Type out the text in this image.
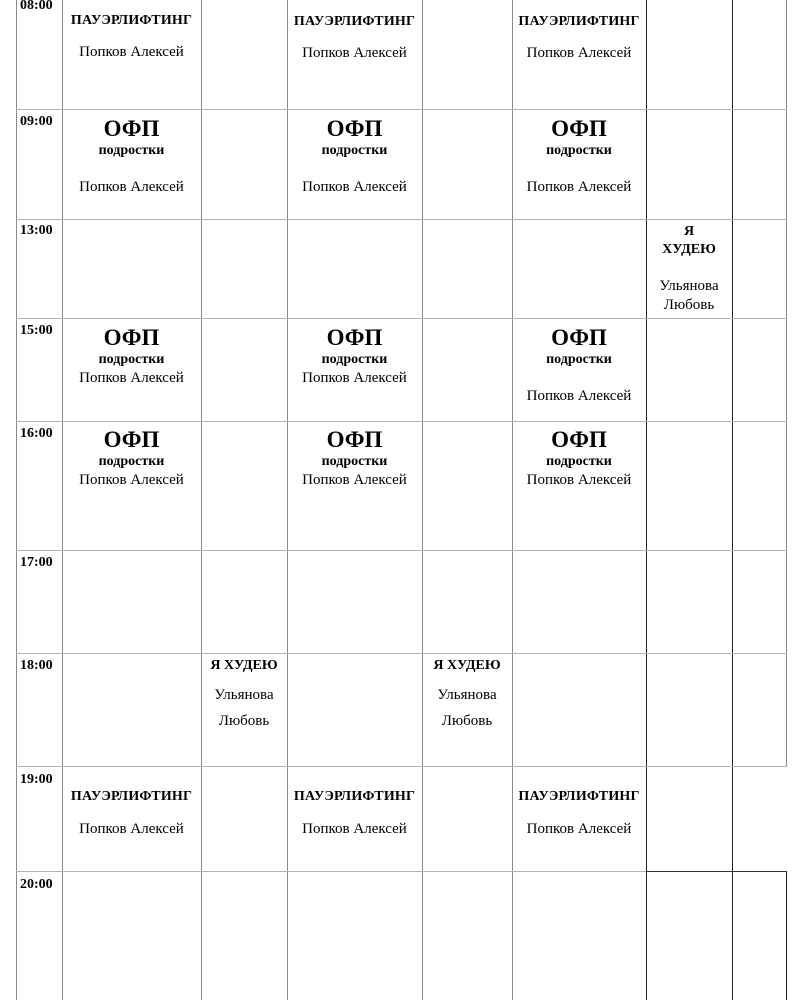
08:00
09:00
13:00
15:00
16:00
17:00
18:00
19:00
20:00
ПАУЭРЛИФТИНГ
Попков Алексей
ПАУЭРЛИФТИНГ
Попков Алексей
ПАУЭРЛИФТИНГ
Попков Алексей
ОФП
подростки
Попков Алексей
ОФП
подростки
Попков Алексей
ОФП
подростки
Попков Алексей
Я
ХУДЕЮ
Ульянова
Любовь
ОФП
подростки
Попков Алексей
ОФП
подростки
Попков Алексей
ОФП
подростки
Попков Алексей
ОФП
подростки
Попков Алексей
ОФП
подростки
Попков Алексей
ОФП
подростки
Попков Алексей
Я ХУДЕЮ
Ульянова
Любовь
Я ХУДЕЮ
Ульянова
Любовь
ПАУЭРЛИФТИНГ
Попков Алексей
ПАУЭРЛИФТИНГ
Попков Алексей
ПАУЭРЛИФТИНГ
Попков Алексей
